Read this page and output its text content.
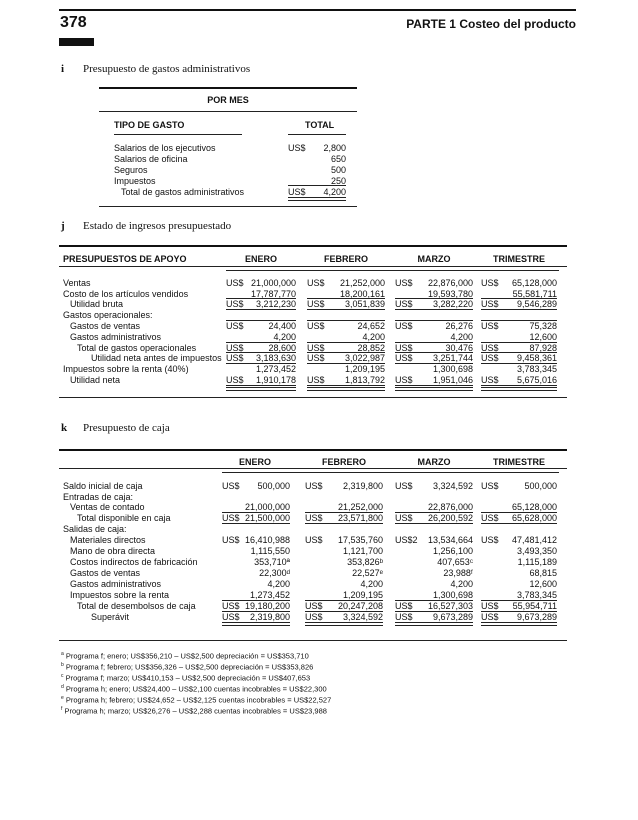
378	PARTE 1 Costeo del producto
i Presupuesto de gastos administrativos
POR MES
TIPO DE GASTO	TOTAL
Salarios de los ejecutivos	US$	2,800
Salarios de oficina	650
Seguros	500
Impuestos	250
Total de gastos administrativos	US$	4,200
j Estado de ingresos presupuestado
PRESUPUESTOS DE APOYO	ENERO	FEBRERO	MARZO	TRIMESTRE
Ventas	US$ 21,000,000 US$	21,252,000 US$	22,876,000 US$	65,128,000
Costo de los artículos vendidos	17,787,770	18,200,161	19,593,780	55,581,711
Utilidad bruta	US$	3,212,230 US$	3,051,839 US$	3,282,220 US$	9,546,289
Gastos operacionales:
Gastos de ventas	US$	24,400 US$	24,652 US$	26,276 US$	75,328
Gastos administrativos	4,200	4,200	4,200	12,600
Total de gastos operacionales	US$	28,600 US$	28,852 US$	30,476 US$	87,928
Utilidad neta antes de impuestos US$	3,183,630 US$	3,022,987 US$	3,251,744 US$	9,458,361
Impuestos sobre la renta (40%)	1,273,452	1,209,195	1,300,698	3,783,345
Utilidad neta	US$	1,910,178 US$	1,813,792 US$	1,951,046 US$	5,675,016
k Presupuesto de caja
ENERO	FEBRERO	MARZO	TRIMESTRE
Saldo inicial de caja	US$	500,000 US$	2,319,800 US$	3,324,592 US$	500,000
Entradas de caja:
Ventas de contado	21,000,000	21,252,000	22,876,000	65,128,000
Total disponible en caja	US$ 21,500,000 US$	23,571,800 US$	26,200,592 US$	65,628,000
Salidas de caja:
Materiales directos	US$ 16,410,988 US$	17,535,760 US$2	13,534,664 US$	47,481,412
Mano de obra directa	1,115,550	1,121,700	1,256,100	3,493,350
Costos indirectos de fabricación	353,710ª	353,826ᵇ	407,653ᶜ	1,115,189
Gastos de ventas	22,300ᵈ	22,527ᵉ	23,988ᶠ	68,815
Gastos administrativos	4,200	4,200	4,200	12,600
Impuestos sobre la renta	1,273,452	1,209,195	1,300,698	3,783,345
Total de desembolsos de caja	US$ 19,180,200 US$	20,247,208 US$	16,527,303 US$	55,954,711
Superávit	US$	2,319,800 US$	3,324,592 US$	9,673,289 US$	9,673,289
$^a$ Programa f; enero; US$356,210 – US$2,500 depreciación = US$353,710
$^b$ Programa f; febrero; US$356,326 – US$2,500 depreciación = US$353,826
$^c$ Programa f; marzo; US$410,153 – US$2,500 depreciación = US$407,653
$^d$ Programa h; enero; US$24,400 – US$2,100 cuentas incobrables = US$22,300
$^e$ Programa h; febrero; US$24,652 – US$2,125 cuentas incobrables = US$22,527
$^f$ Programa h; marzo; US$26,276 – US$2,288 cuentas incobrables = US$23,988
